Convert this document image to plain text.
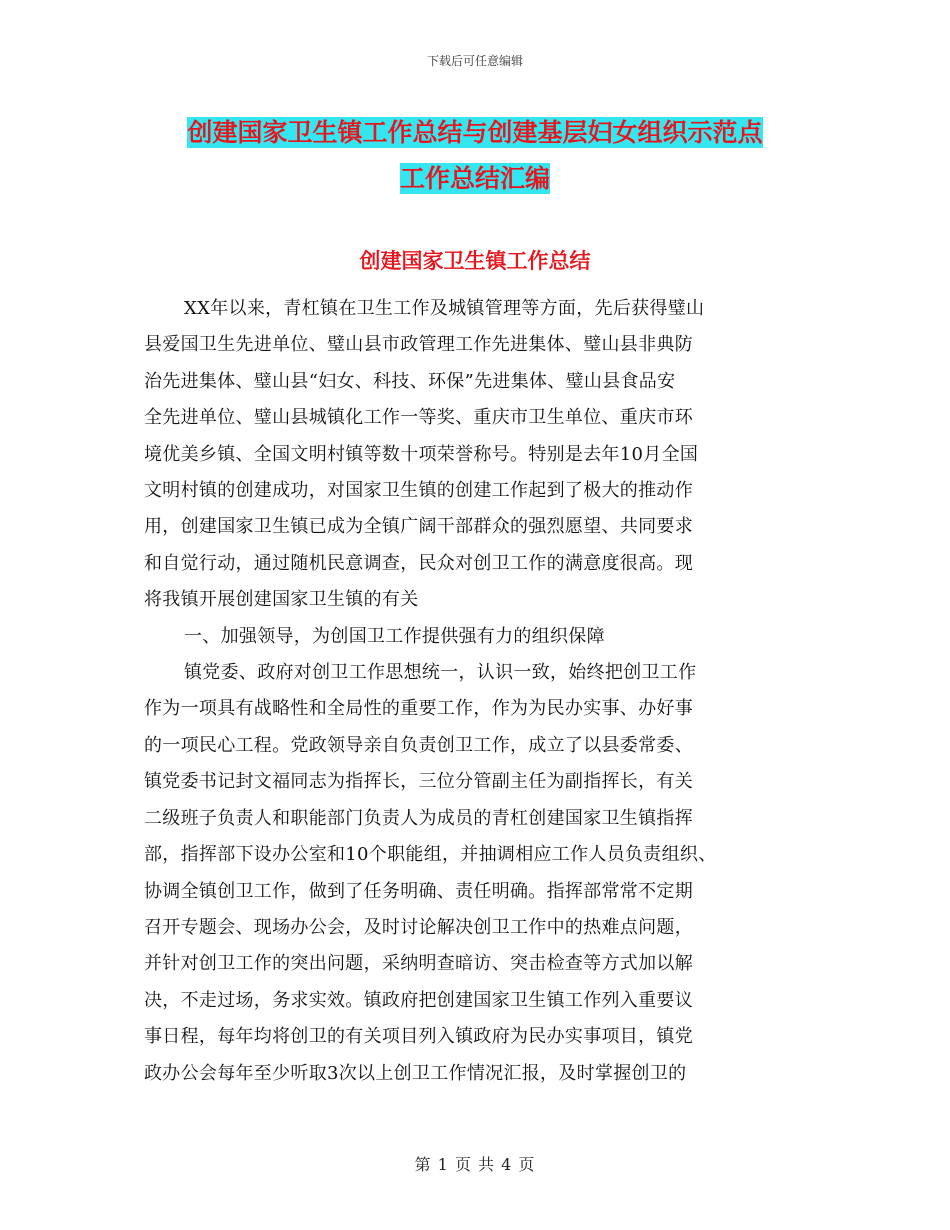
下载后可任意编辑
创建国家卫生镇工作总结与创建基层妇女组织示范点
工作总结汇编
创建国家卫生镇工作总结
XX年以来，青杠镇在卫生工作及城镇管理等方面，先后获得璧山
县爱国卫生先进单位、璧山县市政管理工作先进集体、璧山县非典防
治先进集体、璧山县“妇女、科技、环保”先进集体、璧山县食品安
全先进单位、璧山县城镇化工作一等奖、重庆市卫生单位、重庆市环
境优美乡镇、全国文明村镇等数十项荣誉称号。特别是去年10月全国
文明村镇的创建成功，对国家卫生镇的创建工作起到了极大的推动作
用，创建国家卫生镇已成为全镇广阔干部群众的强烈愿望、共同要求
和自觉行动，通过随机民意调查，民众对创卫工作的满意度很高。现
将我镇开展创建国家卫生镇的有关
一、加强领导，为创国卫工作提供强有力的组织保障
镇党委、政府对创卫工作思想统一，认识一致，始终把创卫工作
作为一项具有战略性和全局性的重要工作，作为为民办实事、办好事
的一项民心工程。党政领导亲自负责创卫工作，成立了以县委常委、
镇党委书记封文福同志为指挥长，三位分管副主任为副指挥长，有关
二级班子负责人和职能部门负责人为成员的青杠创建国家卫生镇指挥
部，指挥部下设办公室和10个职能组，并抽调相应工作人员负责组织、
协调全镇创卫工作，做到了任务明确、责任明确。指挥部常常不定期
召开专题会、现场办公会，及时讨论解决创卫工作中的热难点问题，
并针对创卫工作的突出问题，采纳明查暗访、突击检查等方式加以解
决，不走过场，务求实效。镇政府把创建国家卫生镇工作列入重要议
事日程，每年均将创卫的有关项目列入镇政府为民办实事项目，镇党
政办公会每年至少听取3次以上创卫工作情况汇报，及时掌握创卫的
第 1 页 共 4 页
